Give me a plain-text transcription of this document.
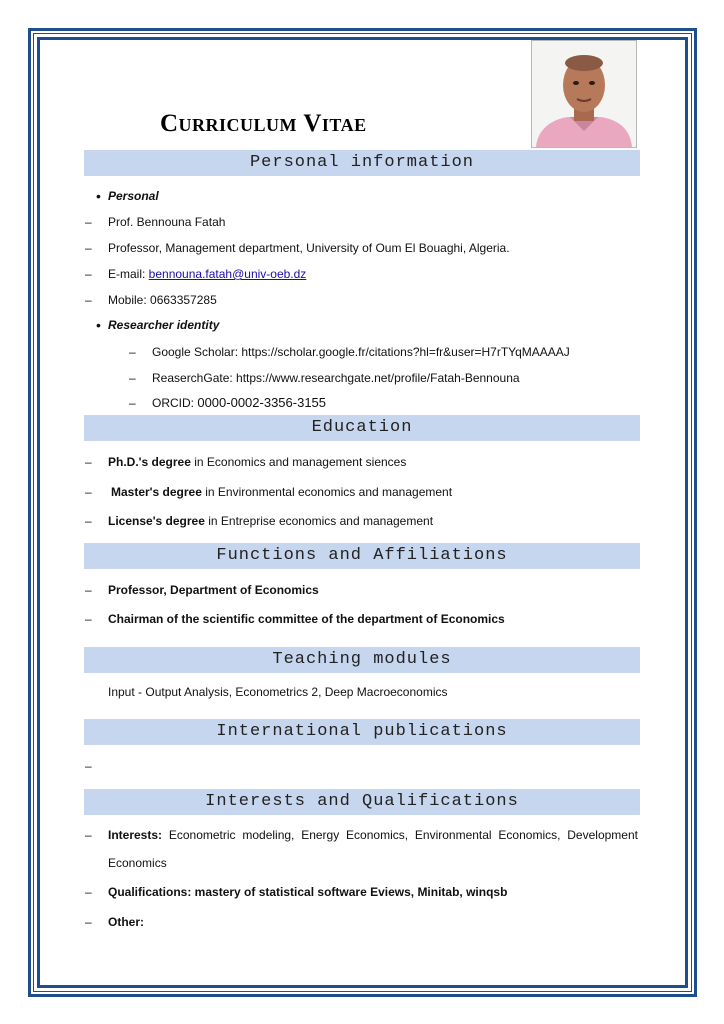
Curriculum Vitae
Personal information
• Personal
– Prof. Bennouna Fatah
– Professor, Management department, University of Oum El Bouaghi, Algeria.
– E-mail: bennouna.fatah@univ-oeb.dz
– Mobile: 0663357285
• Researcher identity
– Google Scholar: https://scholar.google.fr/citations?hl=fr&user=H7rTYqMAAAAJ
– ReaserchGate: https://www.researchgate.net/profile/Fatah-Bennouna
– ORCID: 0000-0002-3356-3155
Education
– Ph.D.'s degree in Economics and management siences
– Master's degree in Environmental economics and management
– License's degree in Entreprise economics and management
Functions and Affiliations
– Professor, Department of Economics
– Chairman of the scientific committee of the department of Economics
Teaching modules
Input - Output Analysis, Econometrics 2, Deep Macroeconomics
International publications
–
Interests and Qualifications
– Interests: Econometric modeling, Energy Economics, Environmental Economics, Development
Economics
– Qualifications: mastery of statistical software Eviews, Minitab, winqsb
– Other:
